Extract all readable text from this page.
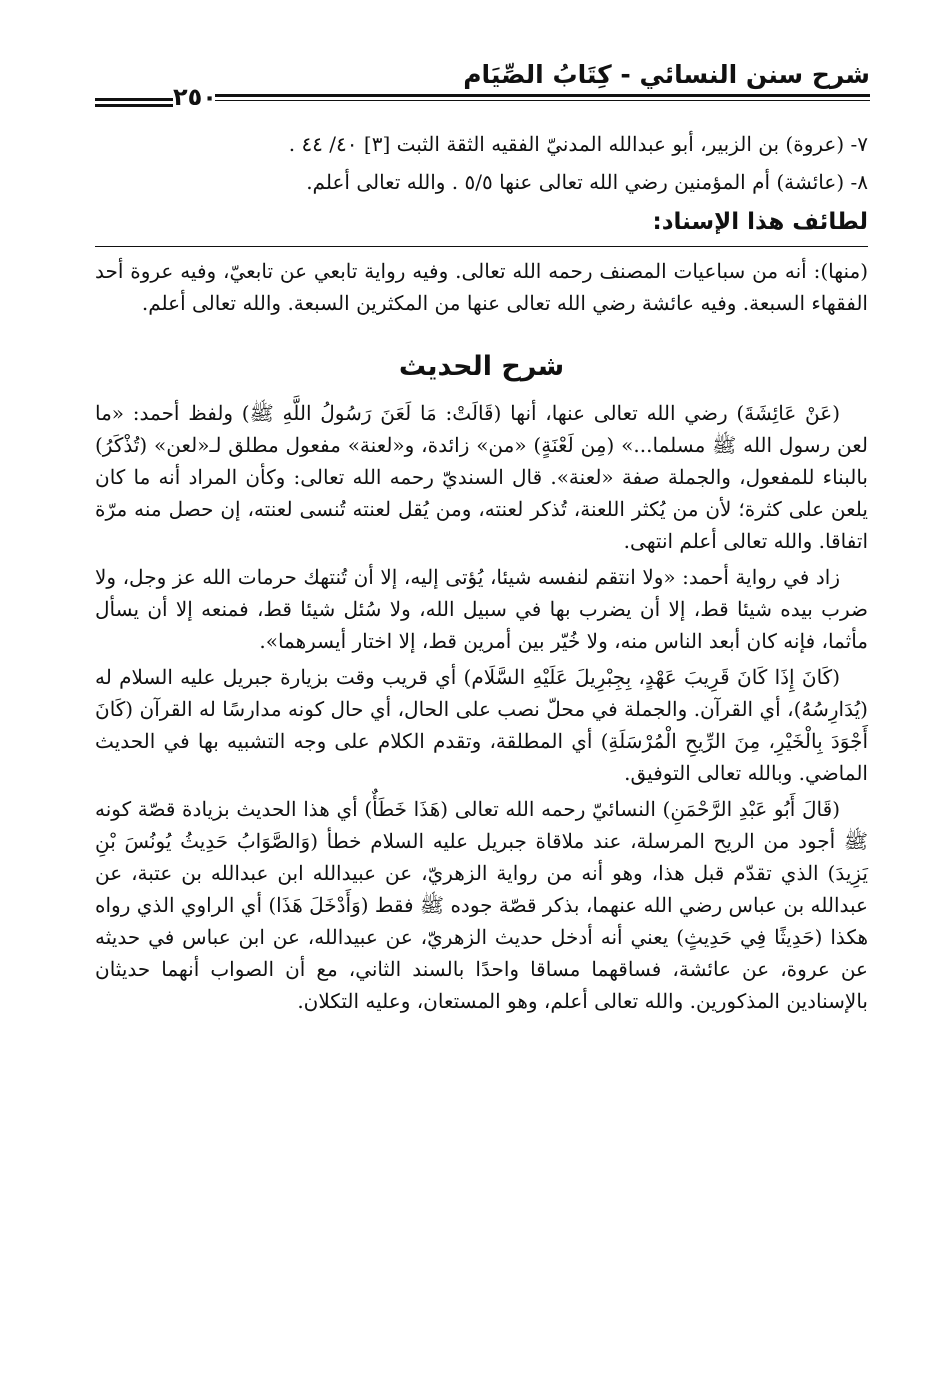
شرح سنن النسائي - كِتَابُ الصِّيَام
٢٥٠
٧- (عروة) بن الزبير، أبو عبدالله المدنيّ الفقيه الثقة الثبت [٣] ٤٠/ ٤٤ .
٨- (عائشة) أم المؤمنين رضي الله تعالى عنها ٥/٥ . والله تعالى أعلم.
لطائف هذا الإسناد:

(منها): أنه من سباعيات المصنف رحمه الله تعالى. وفيه رواية تابعي عن تابعيّ، وفيه عروة أحد الفقهاء السبعة. وفيه عائشة رضي الله تعالى عنها من المكثرين السبعة. والله تعالى أعلم.

شرح الحديث

(عَنْ عَائِشَةَ) رضي الله تعالى عنها، أنها (قَالَتْ: مَا لَعَنَ رَسُولُ اللَّهِ ﷺ) ولفظ أحمد: «ما لعن رسول الله ﷺ مسلما...» (مِن لَعْنَةٍ) «من» زائدة، و«لعنة» مفعول مطلق لـ«لعن» (تُذْكَرُ) بالبناء للمفعول، والجملة صفة «لعنة». قال السنديّ رحمه الله تعالى: وكأن المراد أنه ما كان يلعن على كثرة؛ لأن من يُكثر اللعنة، تُذكر لعنته، ومن يُقل لعنته تُنسى لعنته، إن حصل منه مرّة اتفاقا. والله تعالى أعلم انتهى.

زاد في رواية أحمد: «ولا انتقم لنفسه شيئا، يُؤتى إليه، إلا أن تُنتهك حرمات الله عز وجل، ولا ضرب بيده شيئا قط، إلا أن يضرب بها في سبيل الله، ولا سُئل شيئا قط، فمنعه إلا أن يسأل مأثما، فإنه كان أبعد الناس منه، ولا خُيّر بين أمرين قط، إلا اختار أيسرهما».

(كَانَ إِذَا كَانَ قَرِيبَ عَهْدٍ، بِجِبْرِيلَ عَلَيْهِ السَّلَام) أي قريب وقت بزيارة جبريل عليه السلام له (يُدَارِسُهُ)، أي القرآن. والجملة في محلّ نصب على الحال، أي حال كونه مدارسًا له القرآن (كَانَ أَجْوَدَ بِالْخَيْرِ، مِنَ الرِّيحِ الْمُرْسَلَةِ) أي المطلقة، وتقدم الكلام على وجه التشبيه بها في الحديث الماضي. وبالله تعالى التوفيق.

(قَالَ أَبُو عَبْدِ الرَّحْمَنِ) النسائيّ رحمه الله تعالى (هَذَا خَطَأٌ) أي هذا الحديث بزيادة قصّة كونه ﷺ أجود من الريح المرسلة، عند ملاقاة جبريل عليه السلام خطأ (وَالصَّوَابُ حَدِيثُ يُونُسَ بْنِ يَزِيدَ) الذي تقدّم قبل هذا، وهو أنه من رواية الزهريّ، عن عبيدالله ابن عبدالله بن عتبة، عن عبدالله بن عباس رضي الله عنهما، بذكر قصّة جوده ﷺ فقط (وَأَدْخَلَ هَذَا) أي الراوي الذي رواه هكذا (حَدِيثًا فِي حَدِيثٍ) يعني أنه أدخل حديث الزهريّ، عن عبيدالله، عن ابن عباس في حديثه عن عروة، عن عائشة، فساقهما مساقا واحدًا بالسند الثاني، مع أن الصواب أنهما حديثان بالإسنادين المذكورين. والله تعالى أعلم، وهو المستعان، وعليه التكلان.
